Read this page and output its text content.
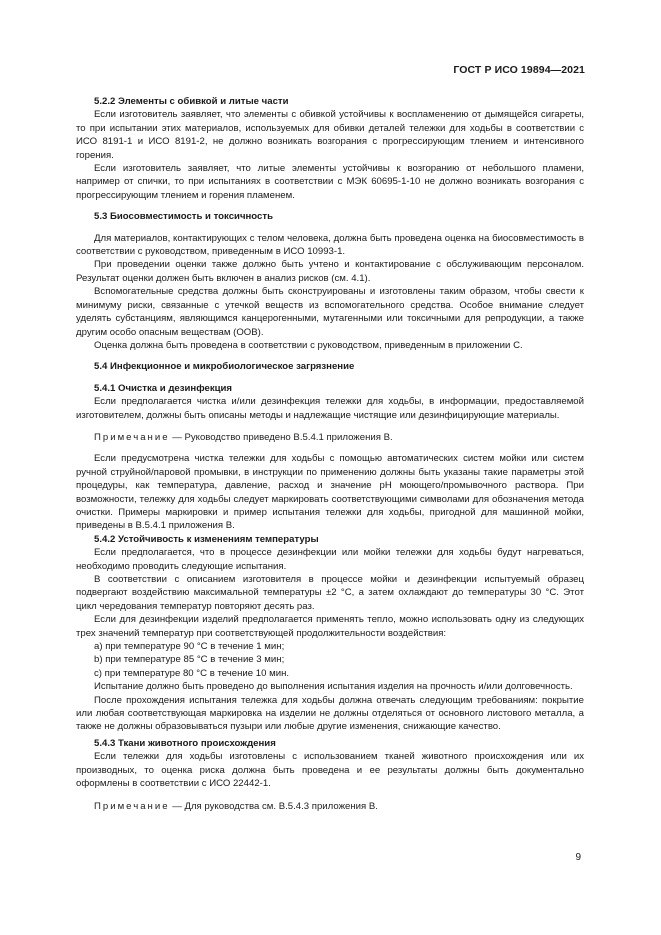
ГОСТ Р ИСО 19894—2021

5.2.2 Элементы с обивкой и литые части

Если изготовитель заявляет, что элементы с обивкой устойчивы к воспламенению от дымящейся сигареты, то при испытании этих материалов, используемых для обивки деталей тележки для ходьбы в соответствии с ИСО 8191-1 и ИСО 8191-2, не должно возникать возгорания с прогрессирующим тлением и интенсивного горения.

Если изготовитель заявляет, что литые элементы устойчивы к возгоранию от небольшого пламени, например от спички, то при испытаниях в соответствии с МЭК 60695-1-10 не должно возникать возгорания с прогрессирующим тлением и горения пламенем.

5.3 Биосовместимость и токсичность

Для материалов, контактирующих с телом человека, должна быть проведена оценка на биосовместимость в соответствии с руководством, приведенным в ИСО 10993-1.

При проведении оценки также должно быть учтено и контактирование с обслуживающим персоналом. Результат оценки должен быть включен в анализ рисков (см. 4.1).

Вспомогательные средства должны быть сконструированы и изготовлены таким образом, чтобы свести к минимуму риски, связанные с утечкой веществ из вспомогательного средства. Особое внимание следует уделять субстанциям, являющимся канцерогенными, мутагенными или токсичными для репродукции, а также другим особо опасным веществам (ООВ).

Оценка должна быть проведена в соответствии с руководством, приведенным в приложении С.

5.4 Инфекционное и микробиологическое загрязнение

5.4.1 Очистка и дезинфекция

Если предполагается чистка и/или дезинфекция тележки для ходьбы, в информации, предоставляемой изготовителем, должны быть описаны методы и надлежащие чистящие или дезинфицирующие материалы.

Примечание — Руководство приведено В.5.4.1 приложения В.

Если предусмотрена чистка тележки для ходьбы с помощью автоматических систем мойки или систем ручной струйной/паровой промывки, в инструкции по применению должны быть указаны такие параметры этой процедуры, как температура, давление, расход и значение рН моющего/промывочного раствора. При возможности, тележку для ходьбы следует маркировать соответствующими символами для обозначения метода очистки. Примеры маркировки и пример испытания тележки для ходьбы, пригодной для машинной мойки, приведены в В.5.4.1 приложения В.

5.4.2 Устойчивость к изменениям температуры

Если предполагается, что в процессе дезинфекции или мойки тележки для ходьбы будут нагреваться, необходимо проводить следующие испытания.

В соответствии с описанием изготовителя в процессе мойки и дезинфекции испытуемый образец подвергают воздействию максимальной температуры ±2 °С, а затем охлаждают до температуры 30 °С. Этот цикл чередования температур повторяют десять раз.

Если для дезинфекции изделий предполагается применять тепло, можно использовать одну из следующих трех значений температур при соответствующей продолжительности воздействия:

а) при температуре 90 °С в течение 1 мин;

b) при температуре 85 °С в течение 3 мин;

с) при температуре 80 °С в течение 10 мин.

Испытание должно быть проведено до выполнения испытания изделия на прочность и/или долговечность.

После прохождения испытания тележка для ходьбы должна отвечать следующим требованиям: покрытие или любая соответствующая маркировка на изделии не должны отделяться от основного листового металла, а также не должны образовываться пузыри или любые другие изменения, снижающие качество.

5.4.3 Ткани животного происхождения

Если тележки для ходьбы изготовлены с использованием тканей животного происхождения или их производных, то оценка риска должна быть проведена и ее результаты должны быть документально оформлены в соответствии с ИСО 22442-1.

Примечание — Для руководства см. В.5.4.3 приложения В.

9
